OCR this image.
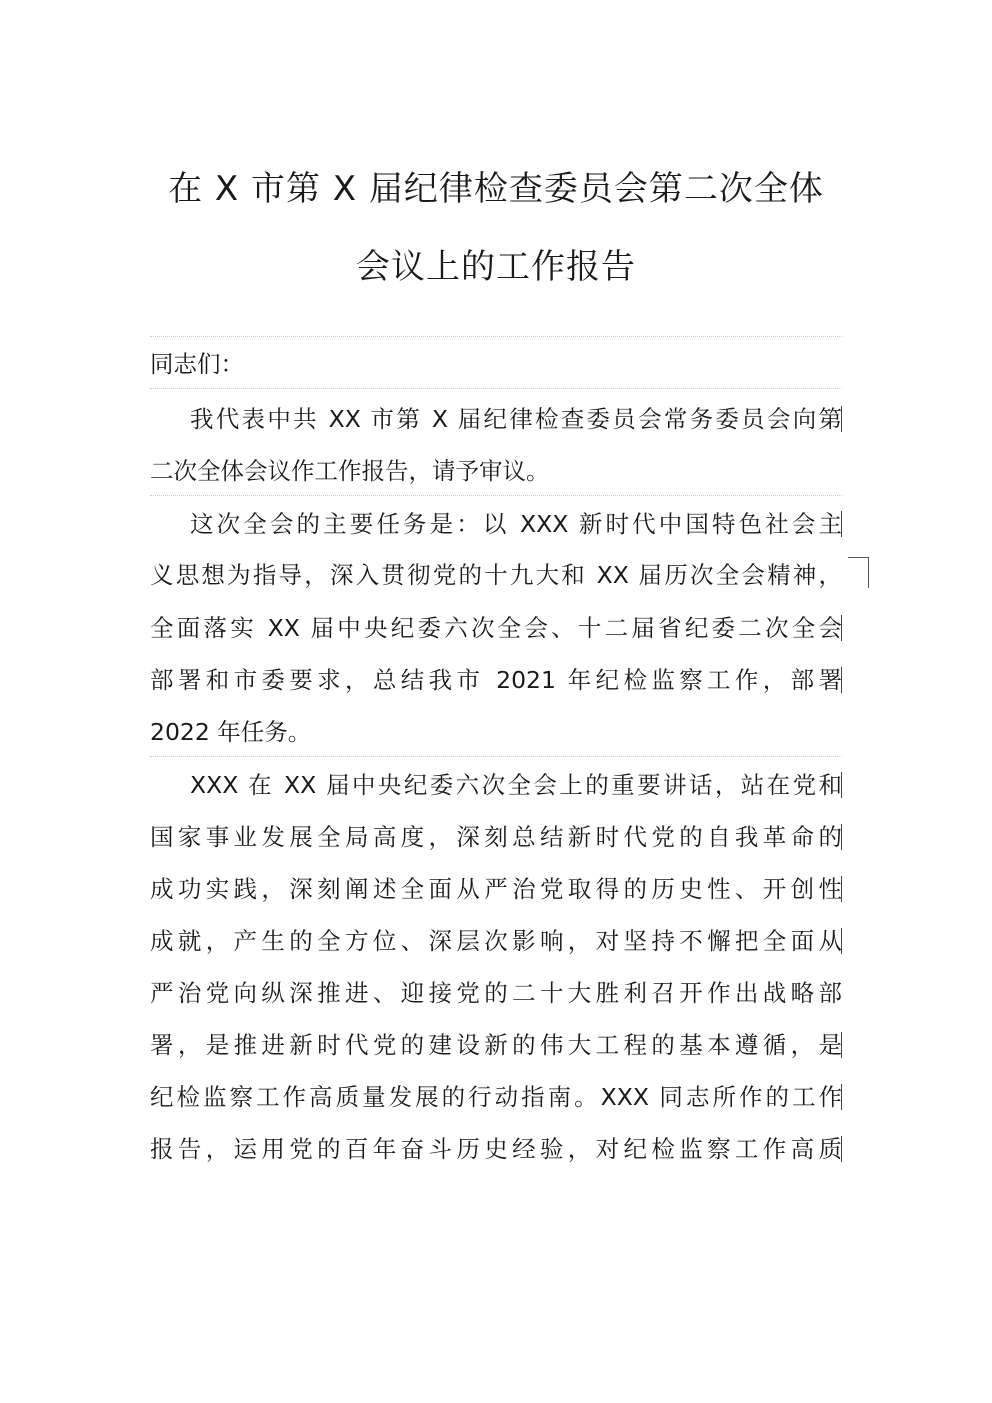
在 X 市第 X 届纪律检查委员会第二次全体
会议上的工作报告
同志们：
我代表中共 XX 市第 X 届纪律检查委员会常务委员会向第
二次全体会议作工作报告，请予审议。
这次全会的主要任务是：以 XXX 新时代中国特色社会主
义思想为指导，深入贯彻党的十九大和 XX 届历次全会精神，
全面落实 XX 届中央纪委六次全会、十二届省纪委二次全会
部署和市委要求，总结我市 2021 年纪检监察工作，部署
2022 年任务。
XXX 在 XX 届中央纪委六次全会上的重要讲话，站在党和
国家事业发展全局高度，深刻总结新时代党的自我革命的
成功实践，深刻阐述全面从严治党取得的历史性、开创性
成就，产生的全方位、深层次影响，对坚持不懈把全面从
严治党向纵深推进、迎接党的二十大胜利召开作出战略部
署，是推进新时代党的建设新的伟大工程的基本遵循，是
纪检监察工作高质量发展的行动指南。XXX 同志所作的工作
报告，运用党的百年奋斗历史经验，对纪检监察工作高质
